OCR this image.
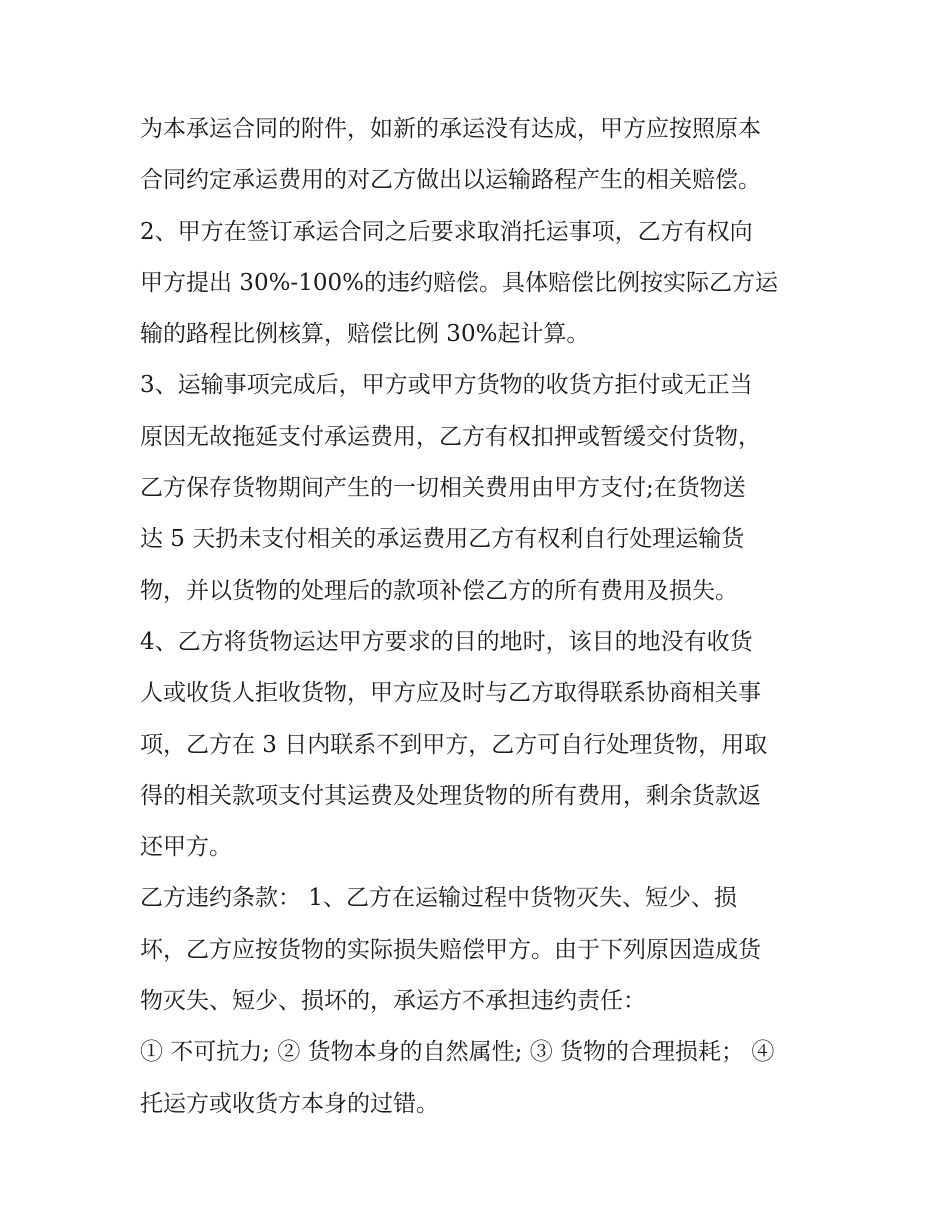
为本承运合同的附件，如新的承运没有达成，甲方应按照原本
合同约定承运费用的对乙方做出以运输路程产生的相关赔偿。
2、甲方在签订承运合同之后要求取消托运事项，乙方有权向
甲方提出 30%-100%的违约赔偿。具体赔偿比例按实际乙方运
输的路程比例核算，赔偿比例 30%起计算。
3、运输事项完成后，甲方或甲方货物的收货方拒付或无正当
原因无故拖延支付承运费用，乙方有权扣押或暂缓交付货物，
乙方保存货物期间产生的一切相关费用由甲方支付;在货物送
达 5 天扔未支付相关的承运费用乙方有权利自行处理运输货
物，并以货物的处理后的款项补偿乙方的所有费用及损失。
4、乙方将货物运达甲方要求的目的地时，该目的地没有收货
人或收货人拒收货物，甲方应及时与乙方取得联系协商相关事
项，乙方在 3 日内联系不到甲方，乙方可自行处理货物，用取
得的相关款项支付其运费及处理货物的所有费用，剩余货款返
还甲方。
乙方违约条款： 1、乙方在运输过程中货物灭失、短少、损
坏，乙方应按货物的实际损失赔偿甲方。由于下列原因造成货
物灭失、短少、损坏的，承运方不承担违约责任：
① 不可抗力; ② 货物本身的自然属性; ③ 货物的合理损耗； ④
托运方或收货方本身的过错。
